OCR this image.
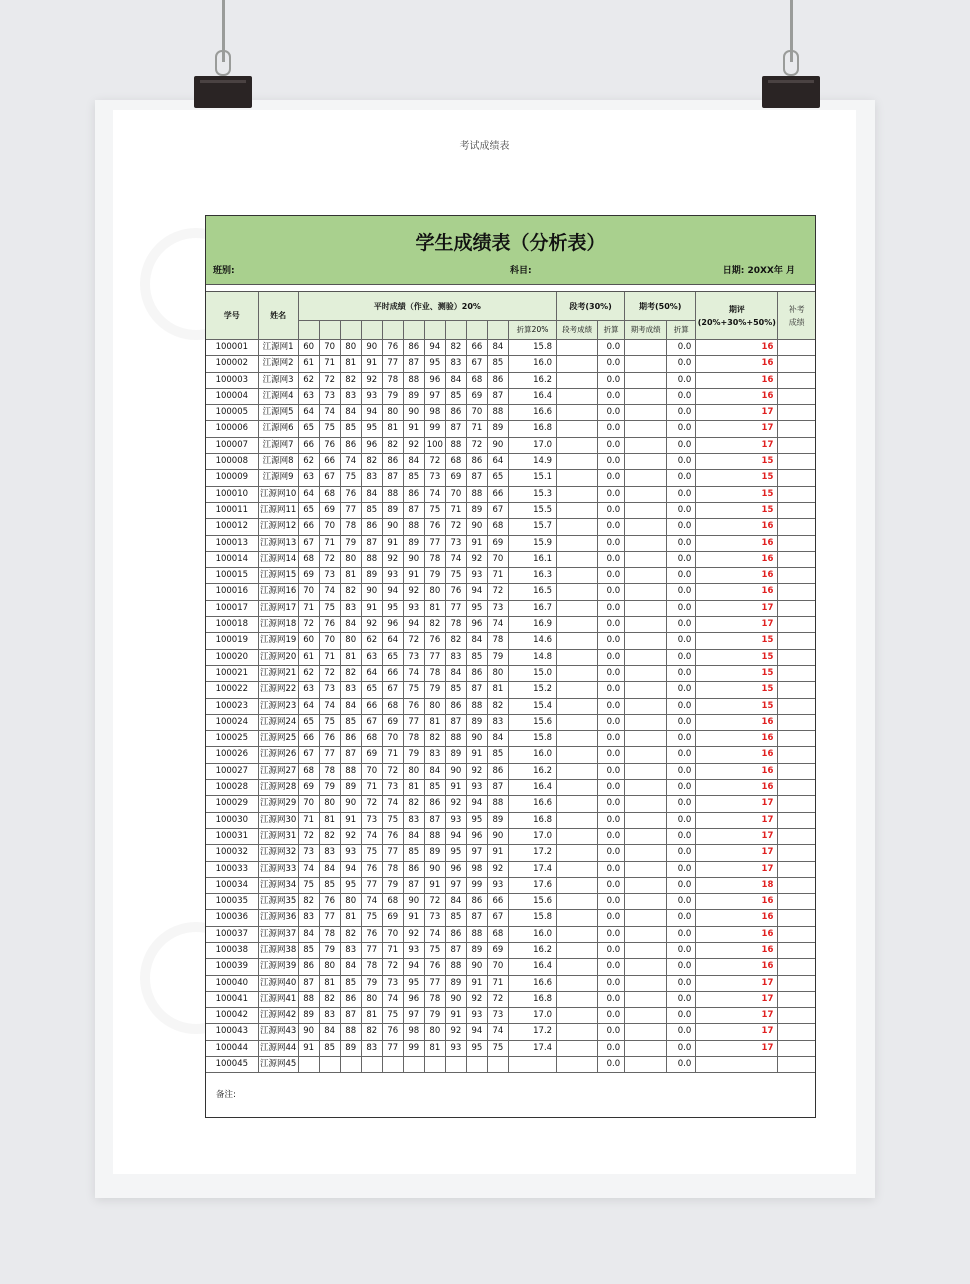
考试成绩表
学生成绩表（分析表）
班别:	科目:	日期: 20XX年 月
学号	姓名	平时成绩（作业、测验）20%											段考(30%)		期考(50%)		期评
(20%+30%+50%)	补考
成绩
												折算20%	段考成绩	折算	期考成绩	折算		
100001	江源网1	60	70	80	90	76	86	94	82	66	84	15.8		0.0		0.0	16	
100002	江源网2	61	71	81	91	77	87	95	83	67	85	16.0		0.0		0.0	16	
100003	江源网3	62	72	82	92	78	88	96	84	68	86	16.2		0.0		0.0	16	
100004	江源网4	63	73	83	93	79	89	97	85	69	87	16.4		0.0		0.0	16	
100005	江源网5	64	74	84	94	80	90	98	86	70	88	16.6		0.0		0.0	17	
100006	江源网6	65	75	85	95	81	91	99	87	71	89	16.8		0.0		0.0	17	
100007	江源网7	66	76	86	96	82	92	100	88	72	90	17.0		0.0		0.0	17	
100008	江源网8	62	66	74	82	86	84	72	68	86	64	14.9		0.0		0.0	15	
100009	江源网9	63	67	75	83	87	85	73	69	87	65	15.1		0.0		0.0	15	
100010	江源网10	64	68	76	84	88	86	74	70	88	66	15.3		0.0		0.0	15	
100011	江源网11	65	69	77	85	89	87	75	71	89	67	15.5		0.0		0.0	15	
100012	江源网12	66	70	78	86	90	88	76	72	90	68	15.7		0.0		0.0	16	
100013	江源网13	67	71	79	87	91	89	77	73	91	69	15.9		0.0		0.0	16	
100014	江源网14	68	72	80	88	92	90	78	74	92	70	16.1		0.0		0.0	16	
100015	江源网15	69	73	81	89	93	91	79	75	93	71	16.3		0.0		0.0	16	
100016	江源网16	70	74	82	90	94	92	80	76	94	72	16.5		0.0		0.0	16	
100017	江源网17	71	75	83	91	95	93	81	77	95	73	16.7		0.0		0.0	17	
100018	江源网18	72	76	84	92	96	94	82	78	96	74	16.9		0.0		0.0	17	
100019	江源网19	60	70	80	62	64	72	76	82	84	78	14.6		0.0		0.0	15	
100020	江源网20	61	71	81	63	65	73	77	83	85	79	14.8		0.0		0.0	15	
100021	江源网21	62	72	82	64	66	74	78	84	86	80	15.0		0.0		0.0	15	
100022	江源网22	63	73	83	65	67	75	79	85	87	81	15.2		0.0		0.0	15	
100023	江源网23	64	74	84	66	68	76	80	86	88	82	15.4		0.0		0.0	15	
100024	江源网24	65	75	85	67	69	77	81	87	89	83	15.6		0.0		0.0	16	
100025	江源网25	66	76	86	68	70	78	82	88	90	84	15.8		0.0		0.0	16	
100026	江源网26	67	77	87	69	71	79	83	89	91	85	16.0		0.0		0.0	16	
100027	江源网27	68	78	88	70	72	80	84	90	92	86	16.2		0.0		0.0	16	
100028	江源网28	69	79	89	71	73	81	85	91	93	87	16.4		0.0		0.0	16	
100029	江源网29	70	80	90	72	74	82	86	92	94	88	16.6		0.0		0.0	17	
100030	江源网30	71	81	91	73	75	83	87	93	95	89	16.8		0.0		0.0	17	
100031	江源网31	72	82	92	74	76	84	88	94	96	90	17.0		0.0		0.0	17	
100032	江源网32	73	83	93	75	77	85	89	95	97	91	17.2		0.0		0.0	17	
100033	江源网33	74	84	94	76	78	86	90	96	98	92	17.4		0.0		0.0	17	
100034	江源网34	75	85	95	77	79	87	91	97	99	93	17.6		0.0		0.0	18	
100035	江源网35	82	76	80	74	68	90	72	84	86	66	15.6		0.0		0.0	16	
100036	江源网36	83	77	81	75	69	91	73	85	87	67	15.8		0.0		0.0	16	
100037	江源网37	84	78	82	76	70	92	74	86	88	68	16.0		0.0		0.0	16	
100038	江源网38	85	79	83	77	71	93	75	87	89	69	16.2		0.0		0.0	16	
100039	江源网39	86	80	84	78	72	94	76	88	90	70	16.4		0.0		0.0	16	
100040	江源网40	87	81	85	79	73	95	77	89	91	71	16.6		0.0		0.0	17	
100041	江源网41	88	82	86	80	74	96	78	90	92	72	16.8		0.0		0.0	17	
100042	江源网42	89	83	87	81	75	97	79	91	93	73	17.0		0.0		0.0	17	
100043	江源网43	90	84	88	82	76	98	80	92	94	74	17.2		0.0		0.0	17	
100044	江源网44	91	85	89	83	77	99	81	93	95	75	17.4		0.0		0.0	17	
100045	江源网45													0.0		0.0		
备注:																		
